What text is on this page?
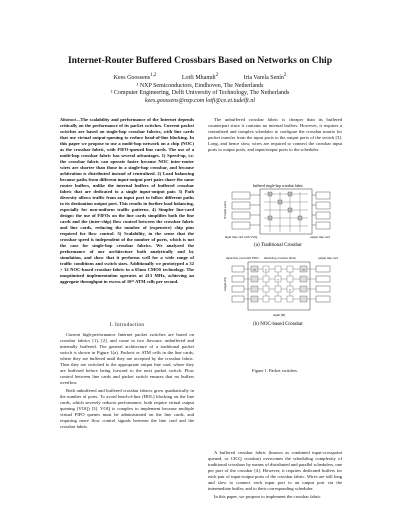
Internet-Router Buffered Crossbars Based on Networks on Chip
Kees Goossens$^{1,2}$	Lotfi Mhamdi$^2$	Iria Varela Senín$^2$
¹ NXP Semiconductors, Eindhoven, The Netherlands
² Computer Engineering, Delft University of Technology, The Netherlands
kees.goossens@nxp.com lotfi@ce.et.tudelft.nl

Abstract—The scalability and performance of the Internet depends critically on the performance of its packet switches. Current packet switches are based on single-hop crossbar fabrics, with line cards that use virtual output-queuing to reduce head-of-line blocking. In this paper we propose to use a multi-hop network on a chip (NOC) as the crossbar fabric, with FIFO-queued line cards. The use of a multi-hop crossbar fabric has several advantages. 1) Speed-up, i.e. the crossbar fabric can operate faster because NOC inter-router wires are shorter than those in a single-hop crossbar, and because arbitration is distributed instead of centralized. 2) Load balancing because paths from different input-output port pairs share the same router buffers, unlike the internal buffers of buffered crossbar fabric that are dedicated to a single input-output pair. 3) Path diversity allows traffic from an input port to follow different paths to its destination output port. This results in further load balancing, especially for non-uniform traffic patterns. 4) Simpler line-card design: the use of FIFOs on the line cards simplifies both the line cards and the (inter-chip) flow control between the crossbar fabric and line cards, reducing the number of (expensive) chip pins required for flow control. 5) Scalability, in the sense that the crossbar speed is independent of the number of ports, which is not the case for single-hop crossbar fabrics. We analyzed the performance of our architecture both analytically and by simulation, and show that it performs well for a wide range of traffic conditions and switch sizes. Additionally we prototyped a 32 × 32 NOC-based crossbar fabric in a 65nm CMOS technology. The unoptimised implementation operates at 413 MHz, achieving an aggregate throughput in excess of 10¹³ ATM cells per second.

I. Introduction

Current high-performance Internet packet switches are based on crossbar fabrics [1], [2], and come in two flavours: unbuffered and internally buffered. The general architecture of a traditional packet switch is shown in Figure 1(a). Packets or ATM cells in the line cards, where they are buffered until they are accepted by the crossbar fabric. Then they are switched to the appropriate output line card, where they are buffered before being forward to the next packet switch. Flow control between line cards and packet switch ensures that no buffers overflow.

Both unbuffered and buffered crossbar fabrics grow quadratically in the number of ports. To avoid head-of-line (HOL) blocking on the line cards, which severely reduces performance, both require virtual output queuing (VOQ) [3]. VOQ is complex to implement because multiple virtual FIFO queues must be administrated on the line cards, and requiring more flow control signals between the line card and the crossbar fabric.

The unbuffered crossbar fabric is cheaper than its buffered counterpart since it contains no internal buffers. However, it requires a centralized and complex scheduler to configure the crossbar matrix for packet transfer from the input ports to the output ports of the switch [3]. Long, and hence slow, wires are required to connect the crossbar input ports to output ports, and input/output ports to the scheduler.

buffered single-hop crossbar fabric
N input ports
input line card with VOQ	output line card
(a) Traditional Crossbar
input line card with FIFO multi-hop crossbar fabric	output line card
NI	NI
R
R
R
height (H)
depth (H)
(b) NOC-based Crossbar
Figure 1. Packet switches.

A buffered crossbar fabric (known as combined input-crosspoint queued, or CICQ crossbar) overcomes the scheduling complexity of traditional crossbars by means of distributed and parallel schedulers, one per port of the crossbar [4]. However, it requires dedicated buffers for each pair of input-output ports of the crossbar fabric. Wires are still long and slow to connect each input port to an output port via the intermediate buffer, and to their corresponding scheduler.

In this paper, we propose to implement the crossbar fabric
